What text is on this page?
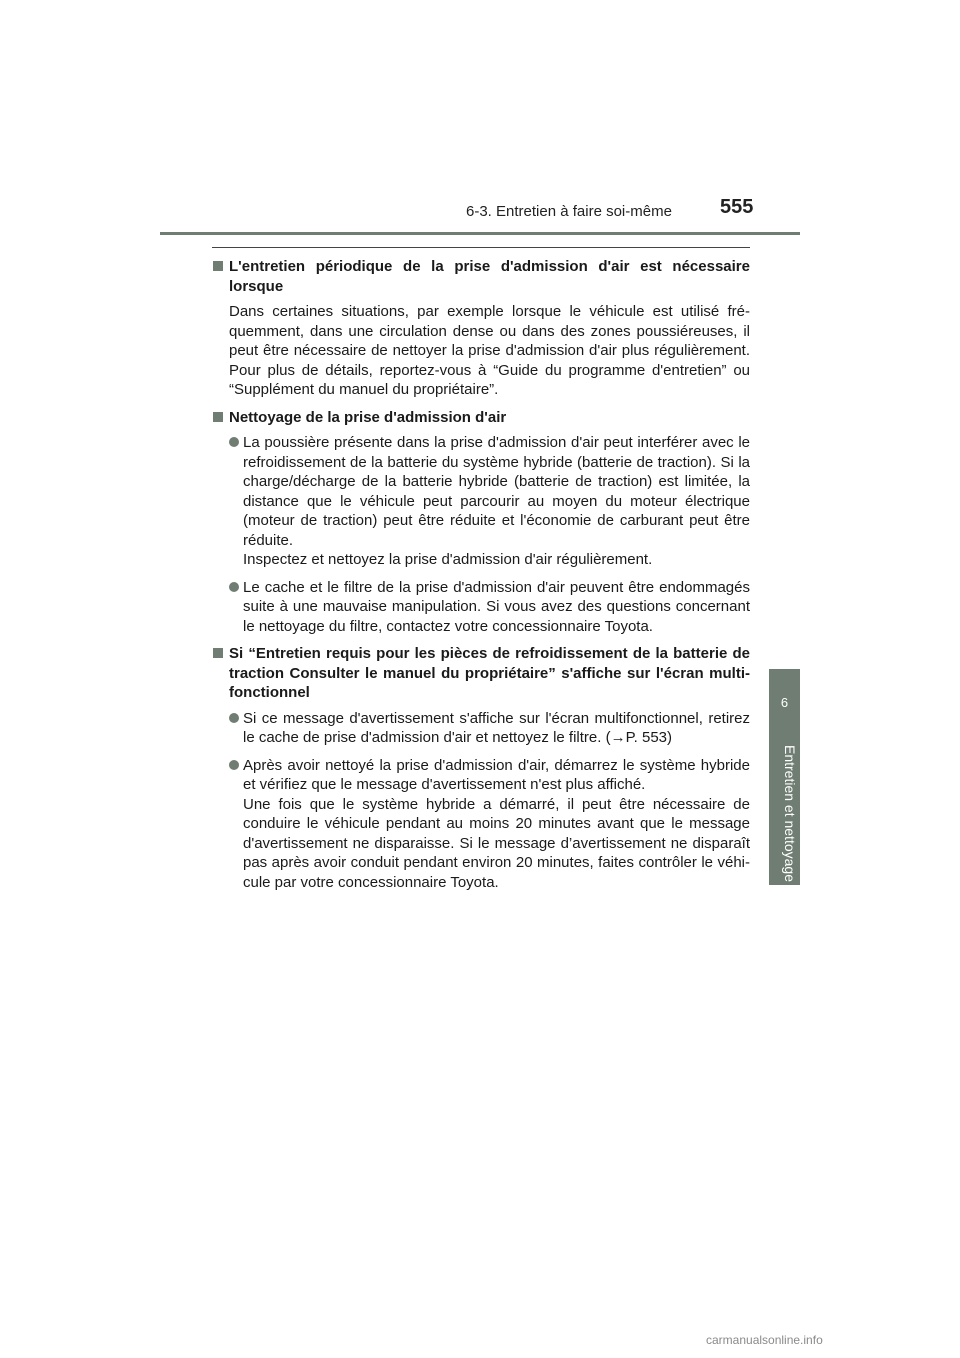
6-3. Entretien à faire soi-même 555
6
Entretien et nettoyage
L'entretien périodique de la prise d'admission d'air est nécessaire lorsque
Dans certaines situations, par exemple lorsque le véhicule est utilisé fré-quemment, dans une circulation dense ou dans des zones poussiéreuses, il peut être nécessaire de nettoyer la prise d'admission d'air plus régulièrement. Pour plus de détails, reportez-vous à “Guide du programme d'entretien” ou “Supplément du manuel du propriétaire”.
Nettoyage de la prise d'admission d'air
La poussière présente dans la prise d'admission d'air peut interférer avec le refroidissement de la batterie du système hybride (batterie de traction). Si la charge/décharge de la batterie hybride (batterie de traction) est limitée, la distance que le véhicule peut parcourir au moyen du moteur électrique (moteur de traction) peut être réduite et l'économie de carburant peut être réduite.
Inspectez et nettoyez la prise d'admission d'air régulièrement.
Le cache et le filtre de la prise d'admission d'air peuvent être endommagés suite à une mauvaise manipulation. Si vous avez des questions concernant le nettoyage du filtre, contactez votre concessionnaire Toyota.
Si “Entretien requis pour les pièces de refroidissement de la batterie de traction Consulter le manuel du propriétaire” s'affiche sur l'écran multi-fonctionnel
Si ce message d'avertissement s'affiche sur l'écran multifonctionnel, retirez le cache de prise d'admission d'air et nettoyez le filtre. (→P. 553)
Après avoir nettoyé la prise d'admission d'air, démarrez le système hybride et vérifiez que le message d'avertissement n'est plus affiché.
Une fois que le système hybride a démarré, il peut être nécessaire de conduire le véhicule pendant au moins 20 minutes avant que le message d'avertissement ne disparaisse. Si le message d’avertissement ne disparaît pas après avoir conduit pendant environ 20 minutes, faites contrôler le véhi-cule par votre concessionnaire Toyota.
carmanualsonline.info
